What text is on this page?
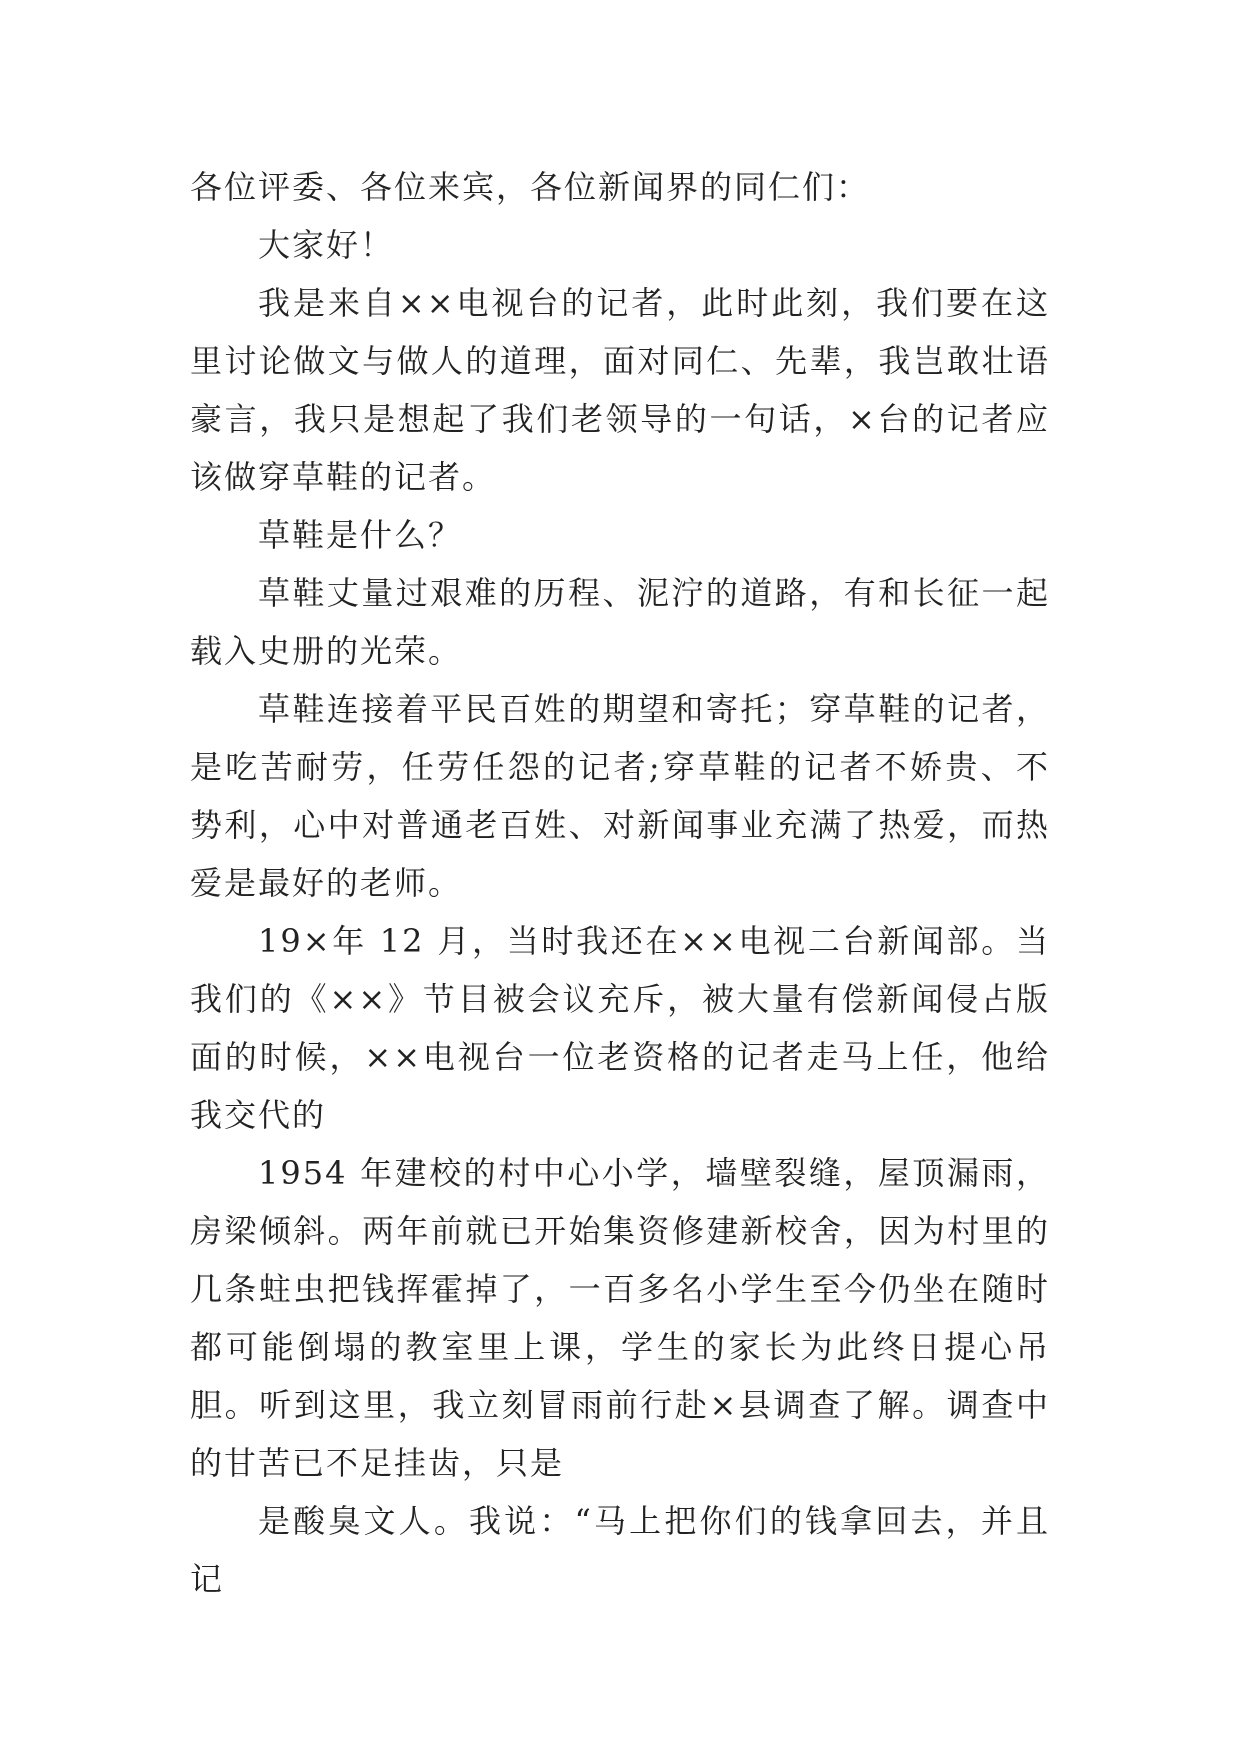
各位评委、各位来宾，各位新闻界的同仁们：

大家好！

我是来自××电视台的记者，此时此刻，我们要在这里讨论做文与做人的道理，面对同仁、先辈，我岂敢壮语豪言，我只是想起了我们老领导的一句话，×台的记者应该做穿草鞋的记者。

草鞋是什么？

草鞋丈量过艰难的历程、泥泞的道路，有和长征一起载入史册的光荣。

草鞋连接着平民百姓的期望和寄托；穿草鞋的记者，是吃苦耐劳，任劳任怨的记者;穿草鞋的记者不娇贵、不势利，心中对普通老百姓、对新闻事业充满了热爱，而热爱是最好的老师。

19×年 12 月，当时我还在××电视二台新闻部。当我们的《××》节目被会议充斥，被大量有偿新闻侵占版面的时候，××电视台一位老资格的记者走马上任，他给我交代的

1954 年建校的村中心小学，墙壁裂缝，屋顶漏雨，房梁倾斜。两年前就已开始集资修建新校舍，因为村里的几条蛀虫把钱挥霍掉了，一百多名小学生至今仍坐在随时都可能倒塌的教室里上课，学生的家长为此终日提心吊胆。听到这里，我立刻冒雨前行赴×县调查了解。调查中的甘苦已不足挂齿，只是

是酸臭文人。我说：“马上把你们的钱拿回去，并且记
